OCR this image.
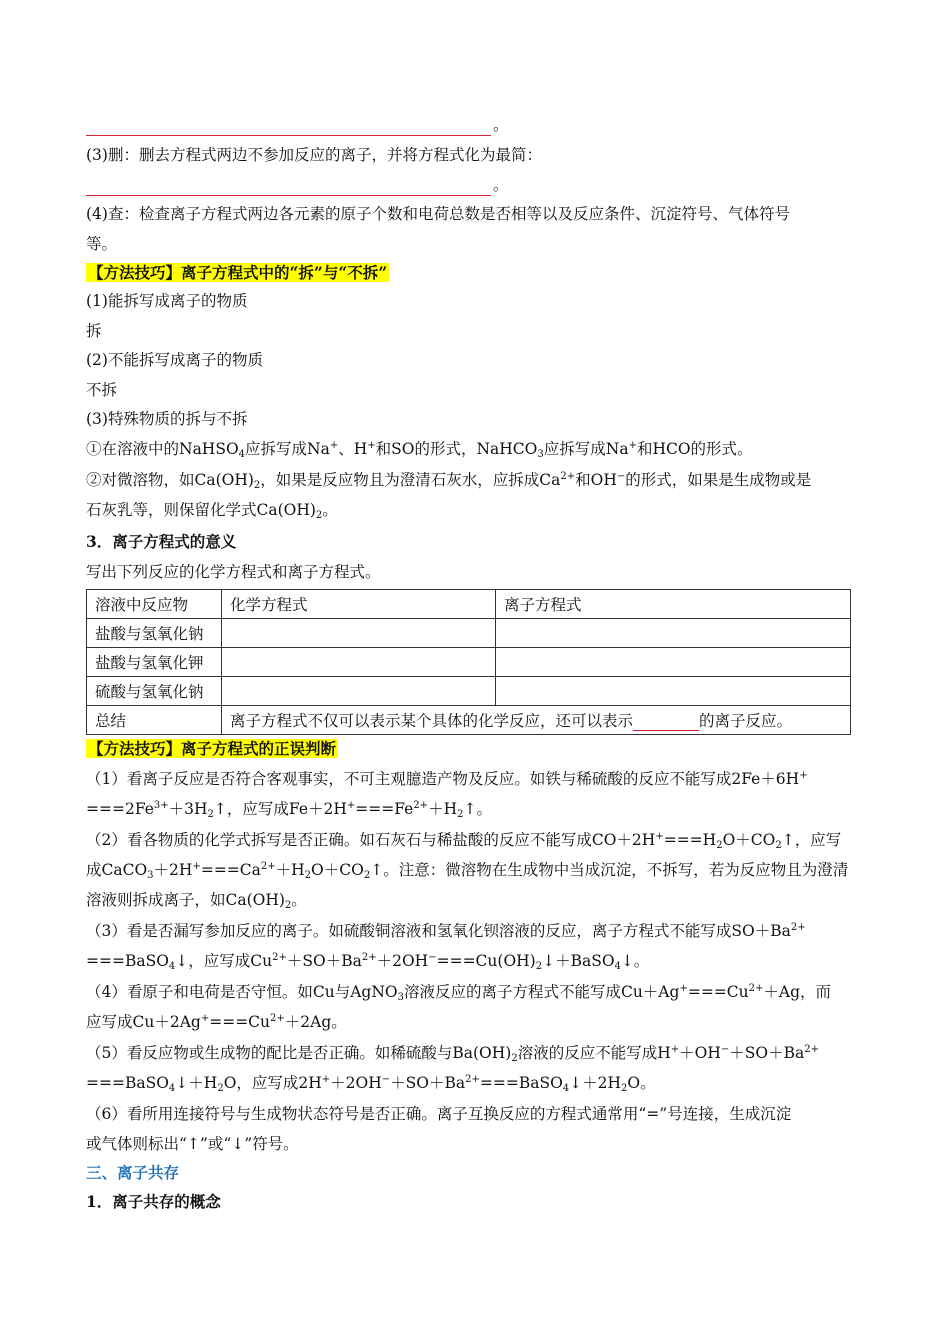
。
(3)删：删去方程式两边不参加反应的离子，并将方程式化为最简：
。
(4)查：检查离子方程式两边各元素的原子个数和电荷总数是否相等以及反应条件、沉淀符号、气体符号
等。
【方法技巧】离子方程式中的“拆”与“不拆”
(1)能拆写成离子的物质
拆
(2)不能拆写成离子的物质
不拆
(3)特殊物质的拆与不拆
①在溶液中的NaHSO$_4$应拆写成Na+、H+和SO的形式，NaHCO$_3$应拆写成Na+和HCO的形式。
②对微溶物，如$Ca(OH)_2$，如果是反应物且为澄清石灰水，应拆成$Ca^{2+}$和OH−的形式，如果是生成物或是
石灰乳等，则保留化学式$Ca(OH)_2$。
3．离子方程式的意义
写出下列反应的化学方程式和离子方程式。
溶液中反应物	化学方程式	离子方程式
盐酸与氢氧化钠		
盐酸与氢氧化钾		
硫酸与氢氧化钠		
总结	离子方程式不仅可以表示某个具体的化学反应，还可以表示 的离子反应。	
【方法技巧】离子方程式的正误判断
（1）看离子反应是否符合客观事实，不可主观臆造产物及反应。如铁与稀硫酸的反应不能写成2Fe＋6H+
$===2Fe^{3+}+3H_2↑$，应写成$Fe+2H^+===Fe^{2+}+H_2↑$。
（2）看各物质的化学式拆写是否正确。如石灰石与稀盐酸的反应不能写成$CO+2H^+===H_2O+CO_2↑$，应写
成$CaCO_3+2H^+===Ca^{2+}+H_2O+CO_2↑$。注意：微溶物在生成物中当成沉淀，不拆写，若为反应物且为澄清
溶液则拆成离子，如$Ca(OH)_2$。
（3）看是否漏写参加反应的离子。如硫酸铜溶液和氢氧化钡溶液的反应，离子方程式不能写成$SO+Ba^{2+}$
===BaSO$_4$↓，应写成$Cu^{2+}+SO+Ba^{2+}+2OH^-===Cu(OH)_2↓+BaSO_4↓$。
（4）看原子和电荷是否守恒。如Cu与AgNO$_3$溶液反应的离子方程式不能写成$Cu+Ag^+===Cu^{2+}+Ag$，而
应写成$Cu+2Ag^+===Cu^{2+}+2Ag$。
（5）看反应物或生成物的配比是否正确。如稀硫酸与$Ba(OH)_2$溶液的反应不能写成$H^++OH^-+SO+Ba^{2+}$
$===BaSO_4↓+H_2O$，应写成$2H^++2OH^-+SO+Ba^{2+}===BaSO_4↓+2H_2O$。
（6）看所用连接符号与生成物状态符号是否正确。离子互换反应的方程式通常用“=”号连接，生成沉淀
或气体则标出“↑”或“↓”符号。
三、离子共存
1．离子共存的概念
